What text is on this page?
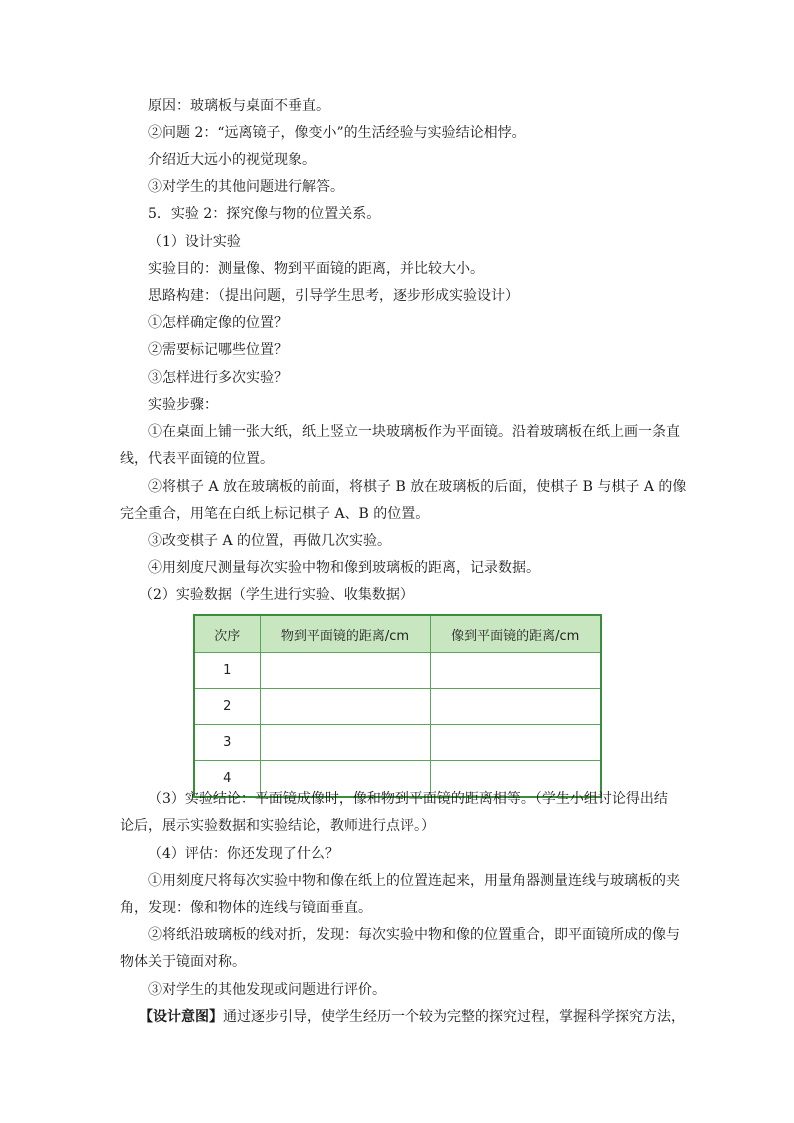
原因：玻璃板与桌面不垂直。
②问题 2：“远离镜子，像变小”的生活经验与实验结论相悖。
介绍近大远小的视觉现象。
③对学生的其他问题进行解答。
5．实验 2：探究像与物的位置关系。
（1）设计实验
实验目的：测量像、物到平面镜的距离，并比较大小。
思路构建：（提出问题，引导学生思考，逐步形成实验设计）
①怎样确定像的位置？
②需要标记哪些位置？
③怎样进行多次实验？
实验步骤：
①在桌面上铺一张大纸，纸上竖立一块玻璃板作为平面镜。沿着玻璃板在纸上画一条直
线，代表平面镜的位置。
②将棋子 A 放在玻璃板的前面，将棋子 B 放在玻璃板的后面，使棋子 B 与棋子 A 的像
完全重合，用笔在白纸上标记棋子 A、B 的位置。
③改变棋子 A 的位置，再做几次实验。
④用刻度尺测量每次实验中物和像到玻璃板的距离，记录数据。
（2）实验数据（学生进行实验、收集数据）
次序	物到平面镜的距离/cm	像到平面镜的距离/cm
1		
2		
3		
4		
（3）实验结论：平面镜成像时，像和物到平面镜的距离相等。（学生小组讨论得出结
论后，展示实验数据和实验结论，教师进行点评。）
（4）评估：你还发现了什么？
①用刻度尺将每次实验中物和像在纸上的位置连起来，用量角器测量连线与玻璃板的夹
角，发现：像和物体的连线与镜面垂直。
②将纸沿玻璃板的线对折，发现：每次实验中物和像的位置重合，即平面镜所成的像与
物体关于镜面对称。
③对学生的其他发现或问题进行评价。
【设计意图】通过逐步引导，使学生经历一个较为完整的探究过程，掌握科学探究方法，
